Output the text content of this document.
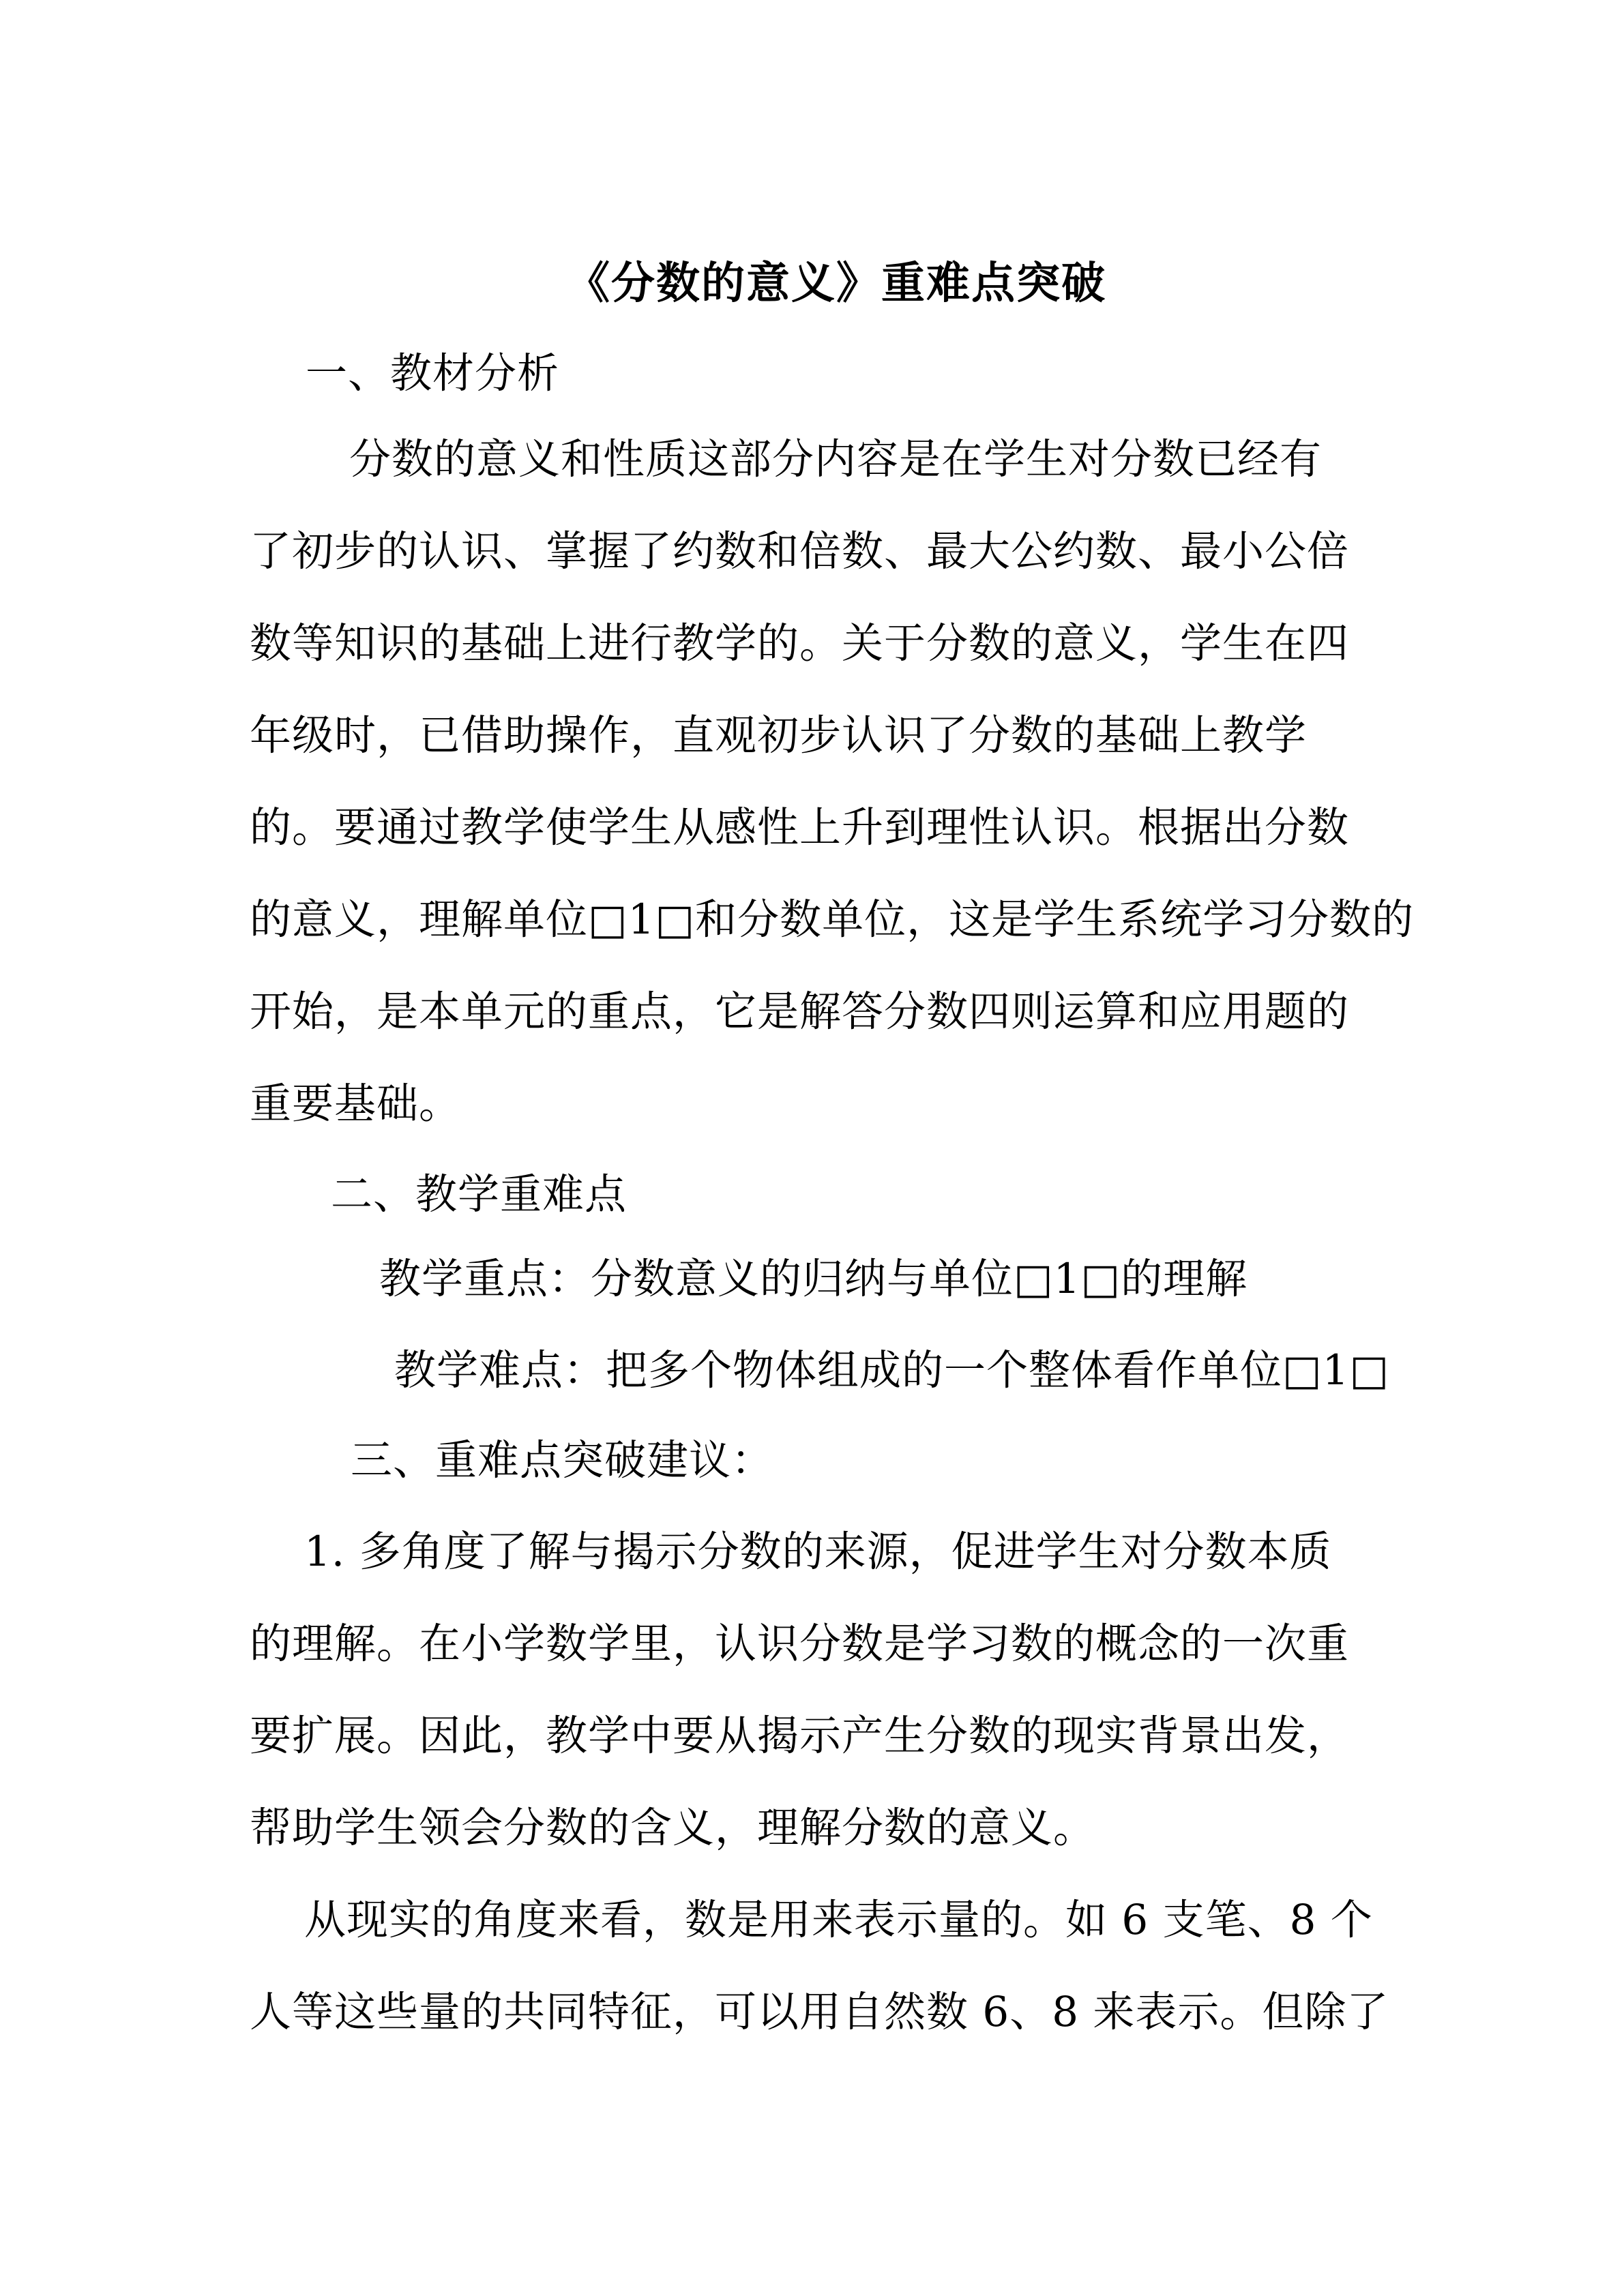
《分数的意义》重难点突破
一、教材分析
分数的意义和性质这部分内容是在学生对分数已经有
了初步的认识、掌握了约数和倍数、最大公约数、最小公倍
数等知识的基础上进行教学的。关于分数的意义，学生在四
年级时，已借助操作，直观初步认识了分数的基础上教学
的。要通过教学使学生从感性上升到理性认识。根据出分数
的意义，理解单位□1□和分数单位，这是学生系统学习分数的
开始，是本单元的重点，它是解答分数四则运算和应用题的
重要基础。
二、教学重难点
教学重点：分数意义的归纳与单位□1□的理解
教学难点：把多个物体组成的一个整体看作单位□1□
三、重难点突破建议：
1. 多角度了解与揭示分数的来源，促进学生对分数本质
的理解。在小学数学里，认识分数是学习数的概念的一次重
要扩展。因此，教学中要从揭示产生分数的现实背景出发，
帮助学生领会分数的含义，理解分数的意义。
从现实的角度来看，数是用来表示量的。如 6 支笔、8 个
人等这些量的共同特征，可以用自然数 6、8 来表示。但除了
